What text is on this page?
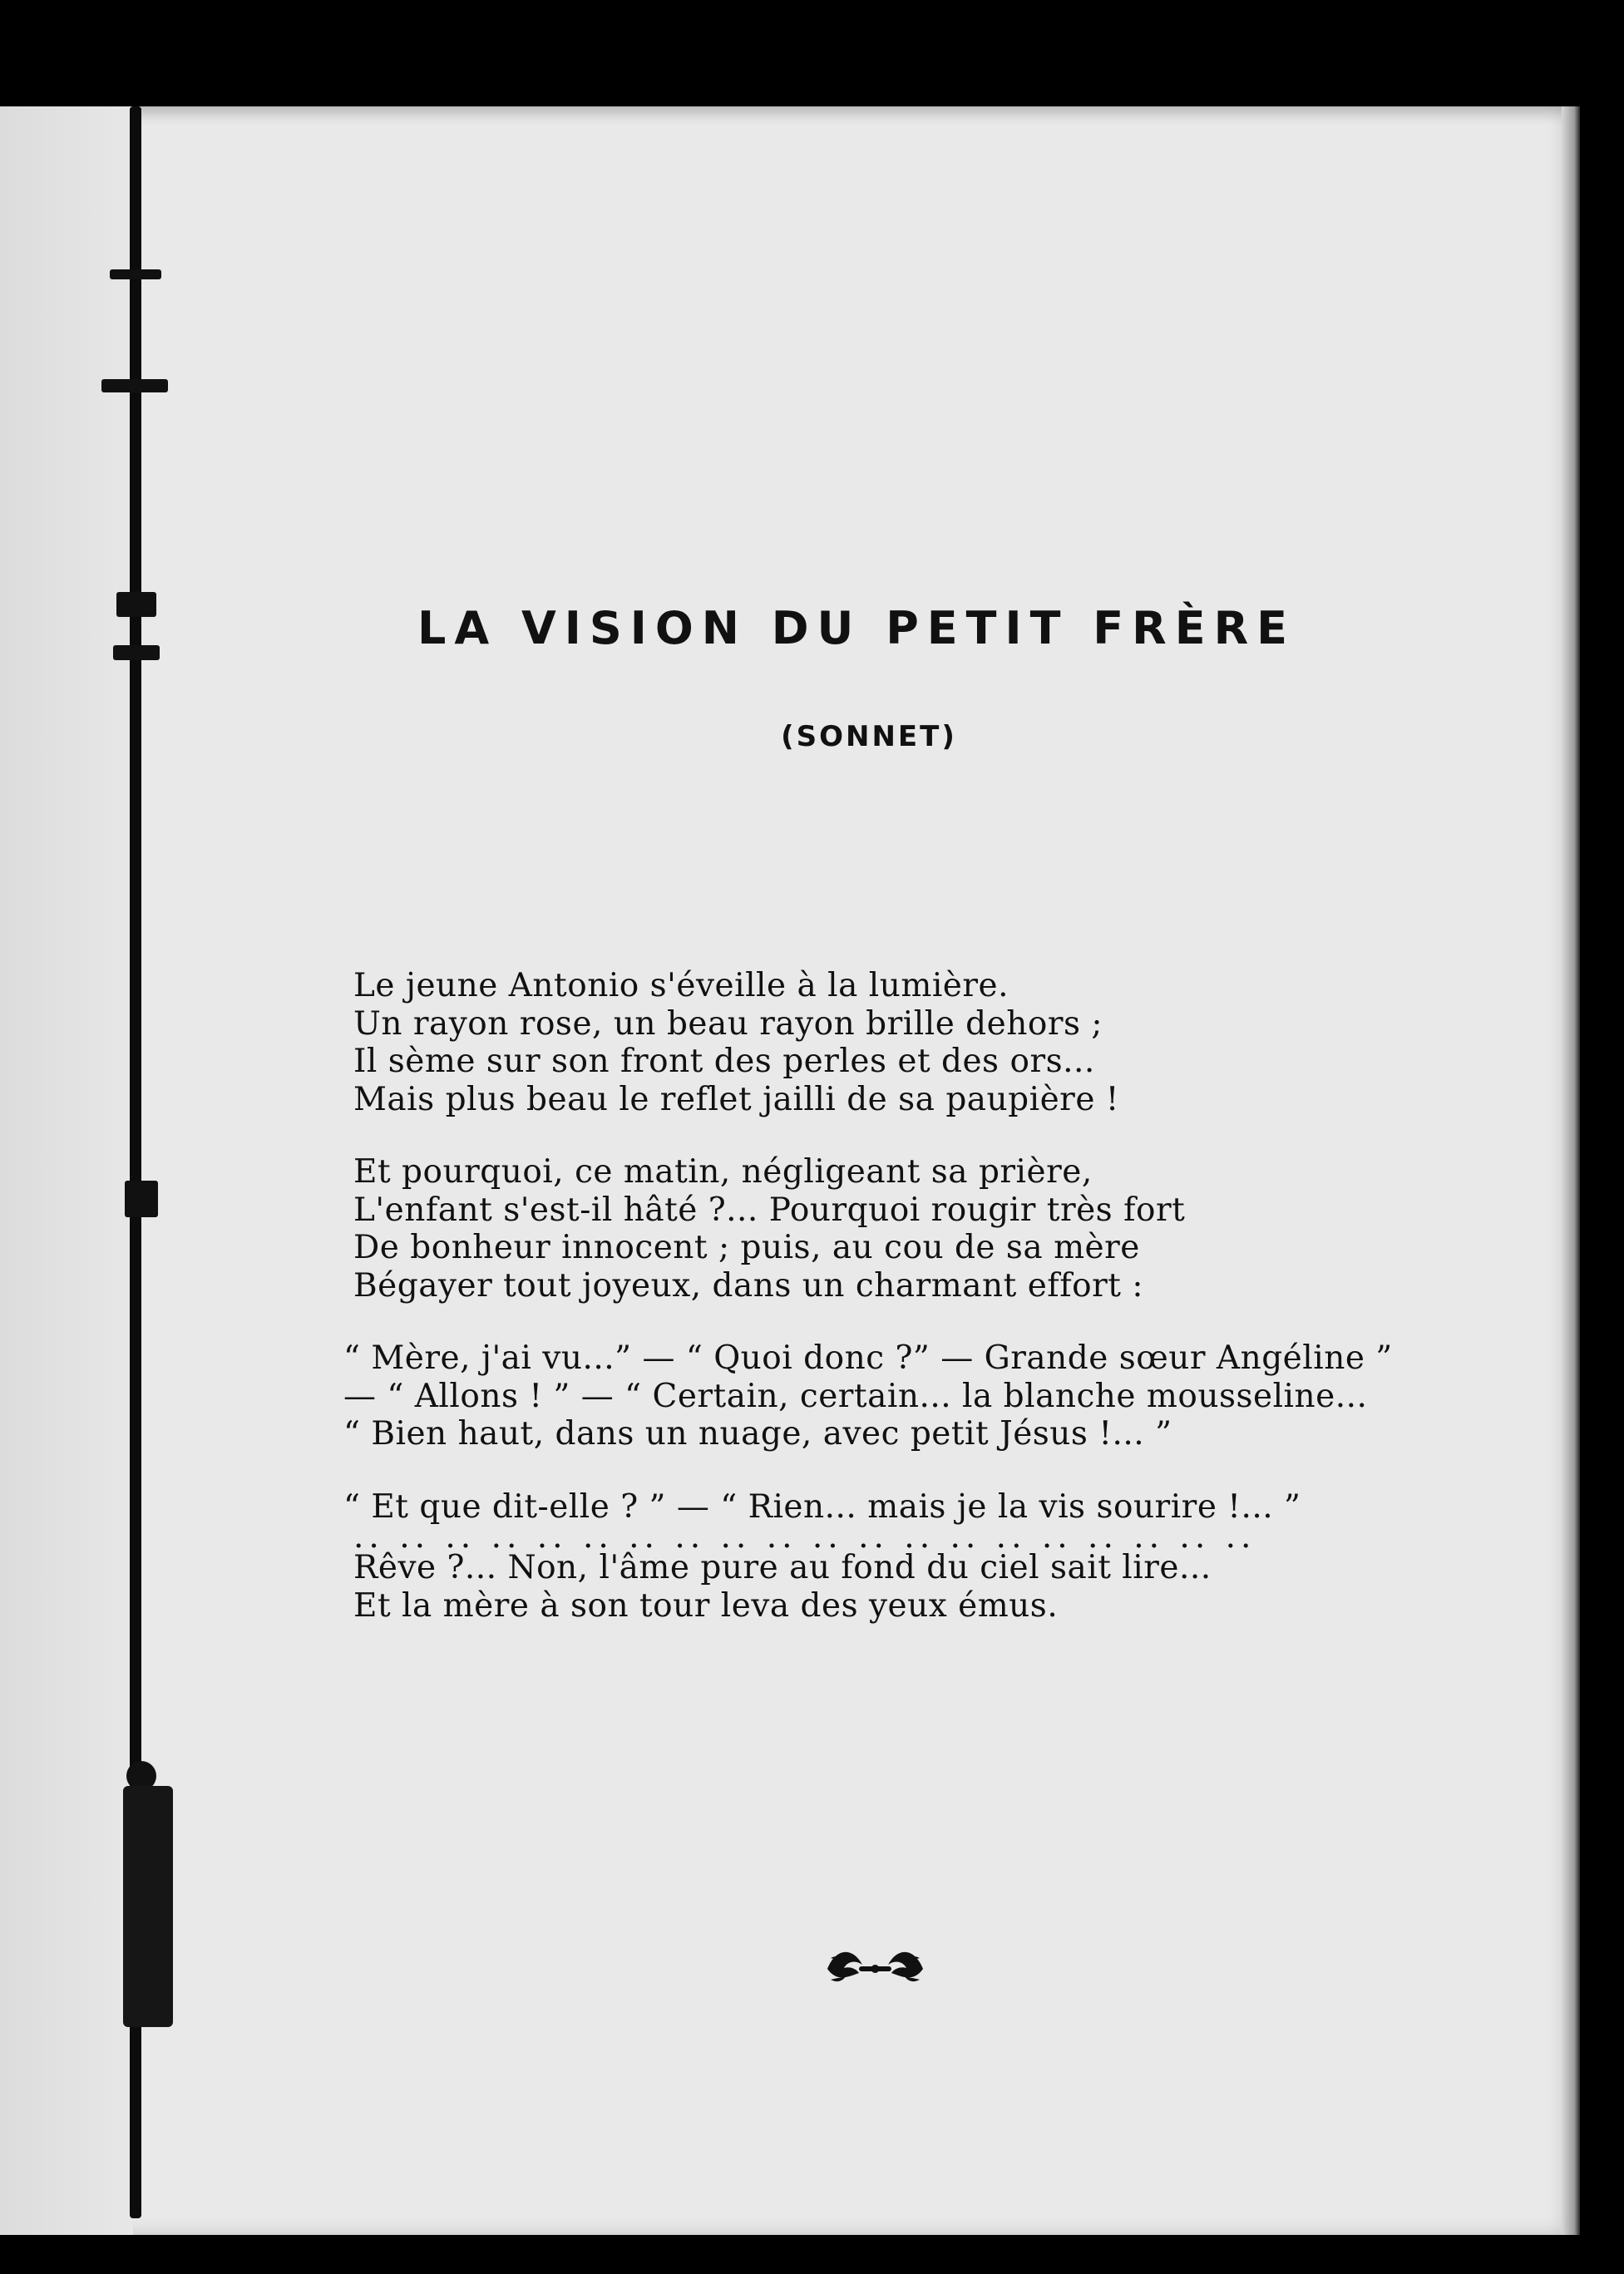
LA VISION DU PETIT FRÈRE
(SONNET)
Le jeune Antonio s'éveille à la lumière.
Un rayon rose, un beau rayon brille dehors ;
Il sème sur son front des perles et des ors...
Mais plus beau le reflet jailli de sa paupière !
Et pourquoi, ce matin, négligeant sa prière,
L'enfant s'est-il hâté ?... Pourquoi rougir très fort
De bonheur innocent ; puis, au cou de sa mère
Bégayer tout joyeux, dans un charmant effort :
“ Mère, j'ai vu...” — “ Quoi donc ?” — Grande sœur Angéline ”
— “ Allons ! ” — “ Certain, certain... la blanche mousseline...
“ Bien haut, dans un nuage, avec petit Jésus !... ”
“ Et que dit-elle ? ” — “ Rien... mais je la vis sourire !... ”
.. .. .. .. .. .. .. .. .. .. .. .. .. .. .. .. .. .. .. ..
Rêve ?... Non, l'âme pure au fond du ciel sait lire...
Et la mère à son tour leva des yeux émus.
